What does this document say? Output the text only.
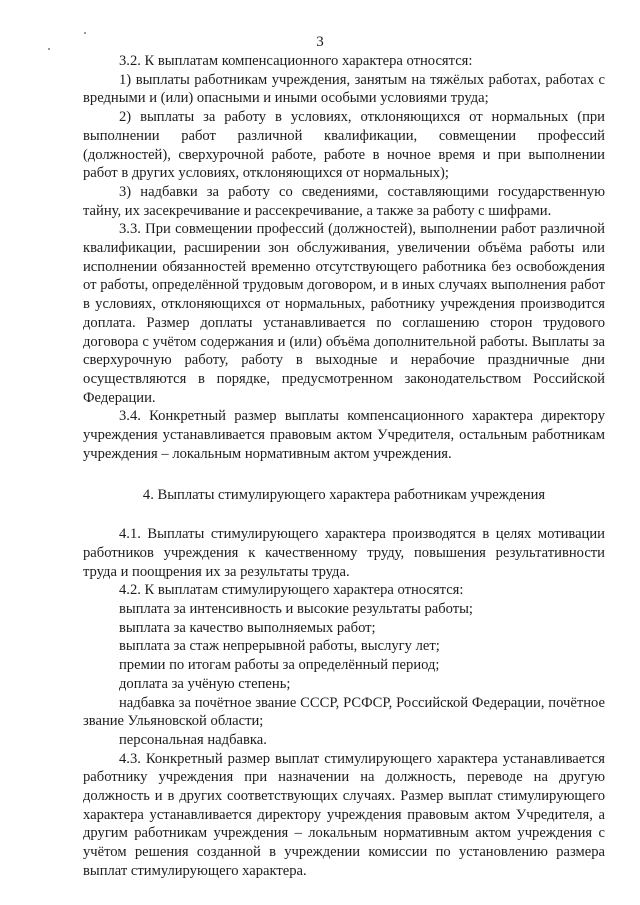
3

3.2. К выплатам компенсационного характера относятся:

1) выплаты работникам учреждения, занятым на тяжёлых работах, работах с вредными и (или) опасными и иными особыми условиями труда;

2) выплаты за работу в условиях, отклоняющихся от нормальных (при выполнении работ различной квалификации, совмещении профессий (должностей), сверхурочной работе, работе в ночное время и при выполнении работ в других условиях, отклоняющихся от нормальных);

3) надбавки за работу со сведениями, составляющими государственную тайну, их засекречивание и рассекречивание, а также за работу с шифрами.

3.3. При совмещении профессий (должностей), выполнении работ различной квалификации, расширении зон обслуживания, увеличении объёма работы или исполнении обязанностей временно отсутствующего работника без освобождения от работы, определённой трудовым договором, и в иных случаях выполнения работ в условиях, отклоняющихся от нормальных, работнику учреждения производится доплата. Размер доплаты устанавливается по соглашению сторон трудового договора с учётом содержания и (или) объёма дополнительной работы. Выплаты за сверхурочную работу, работу в выходные и нерабочие праздничные дни осуществляются в порядке, предусмотренном законодательством Российской Федерации.

3.4. Конкретный размер выплаты компенсационного характера директору учреждения устанавливается правовым актом Учредителя, остальным работникам учреждения – локальным нормативным актом учреждения.

4. Выплаты стимулирующего характера работникам учреждения

4.1. Выплаты стимулирующего характера производятся в целях мотивации работников учреждения к качественному труду, повышения результативности труда и поощрения их за результаты труда.

4.2. К выплатам стимулирующего характера относятся:

выплата за интенсивность и высокие результаты работы;

выплата за качество выполняемых работ;

выплата за стаж непрерывной работы, выслугу лет;

премии по итогам работы за определённый период;

доплата за учёную степень;

надбавка за почётное звание СССР, РСФСР, Российской Федерации, почётное звание Ульяновской области;

персональная надбавка.

4.3. Конкретный размер выплат стимулирующего характера устанавливается работнику учреждения при назначении на должность, переводе на другую должность и в других соответствующих случаях. Размер выплат стимулирующего характера устанавливается директору учреждения правовым актом Учредителя, а другим работникам учреждения – локальным нормативным актом учреждения с учётом решения созданной в учреждении комиссии по установлению размера выплат стимулирующего характера.
